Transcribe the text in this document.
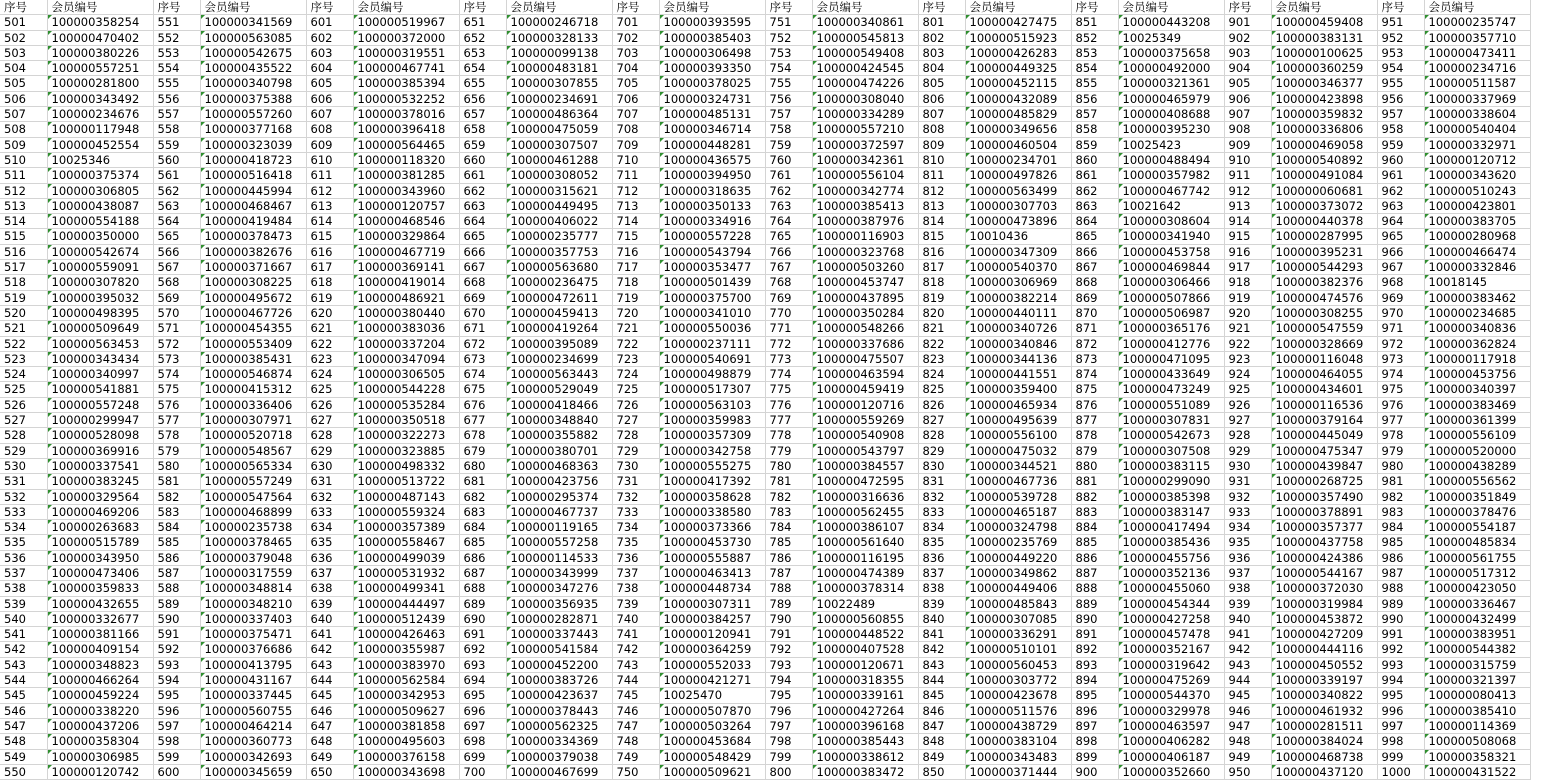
序号	会员编号	序号	会员编号	序号	会员编号	序号	会员编号	序号	会员编号	序号	会员编号	序号	会员编号	序号	会员编号	序号	会员编号	序号	会员编号
501	100000358254	551	100000341569	601	100000519967	651	100000246718	701	100000393595	751	100000340861	801	100000427475	851	100000443208	901	100000459408	951	100000235747
502	100000470402	552	100000563085	602	100000372000	652	100000328133	702	100000385403	752	100000545813	802	100000515923	852	10025349	902	100000383131	952	100000357710
503	100000380226	553	100000542675	603	100000319551	653	100000099138	703	100000306498	753	100000549408	803	100000426283	853	100000375658	903	100000100625	953	100000473411
504	100000557251	554	100000435522	604	100000467741	654	100000483181	704	100000393350	754	100000424545	804	100000449325	854	100000492000	904	100000360259	954	100000234716
505	100000281800	555	100000340798	605	100000385394	655	100000307855	705	100000378025	755	100000474226	805	100000452115	855	100000321361	905	100000346377	955	100000511587
506	100000343492	556	100000375388	606	100000532252	656	100000234691	706	100000324731	756	100000308040	806	100000432089	856	100000465979	906	100000423898	956	100000337969
507	100000234676	557	100000557260	607	100000378016	657	100000486364	707	100000485131	757	100000334289	807	100000485829	857	100000408688	907	100000359832	957	100000338604
508	100000117948	558	100000377168	608	100000396418	658	100000475059	708	100000346714	758	100000557210	808	100000349656	858	100000395230	908	100000336806	958	100000540404
509	100000452554	559	100000323039	609	100000564465	659	100000307507	709	100000448281	759	100000372597	809	100000460504	859	10025423	909	100000469058	959	100000332971
510	10025346	560	100000418723	610	100000118320	660	100000461288	710	100000436575	760	100000342361	810	100000234701	860	100000488494	910	100000540892	960	100000120712
511	100000375374	561	100000516418	611	100000381285	661	100000308052	711	100000394950	761	100000556104	811	100000497826	861	100000357982	911	100000491084	961	100000343620
512	100000306805	562	100000445994	612	100000343960	662	100000315621	712	100000318635	762	100000342774	812	100000563499	862	100000467742	912	100000060681	962	100000510243
513	100000438087	563	100000468467	613	100000120757	663	100000449495	713	100000350133	763	100000385413	813	100000307703	863	10021642	913	100000373072	963	100000423801
514	100000554188	564	100000419484	614	100000468546	664	100000406022	714	100000334916	764	100000387976	814	100000473896	864	100000308604	914	100000440378	964	100000383705
515	100000350000	565	100000378473	615	100000329864	665	100000235777	715	100000557228	765	100000116903	815	10010436	865	100000341940	915	100000287995	965	100000280968
516	100000542674	566	100000382676	616	100000467719	666	100000357753	716	100000543794	766	100000323768	816	100000347309	866	100000453758	916	100000395231	966	100000466474
517	100000559091	567	100000371667	617	100000369141	667	100000563680	717	100000353477	767	100000503260	817	100000540370	867	100000469844	917	100000544293	967	100000332846
518	100000307820	568	100000308225	618	100000419014	668	100000236475	718	100000501439	768	100000453747	818	100000306969	868	100000306466	918	100000382376	968	10018145
519	100000395032	569	100000495672	619	100000486921	669	100000472611	719	100000375700	769	100000437895	819	100000382214	869	100000507866	919	100000474576	969	100000383462
520	100000498395	570	100000467726	620	100000380440	670	100000459413	720	100000341010	770	100000350284	820	100000440111	870	100000506987	920	100000308255	970	100000234685
521	100000509649	571	100000454355	621	100000383036	671	100000419264	721	100000550036	771	100000548266	821	100000340726	871	100000365176	921	100000547559	971	100000340836
522	100000563453	572	100000553409	622	100000337204	672	100000395089	722	100000237111	772	100000337686	822	100000340846	872	100000412776	922	100000328669	972	100000362824
523	100000343434	573	100000385431	623	100000347094	673	100000234699	723	100000540691	773	100000475507	823	100000344136	873	100000471095	923	100000116048	973	100000117918
524	100000340997	574	100000546874	624	100000306505	674	100000563443	724	100000498879	774	100000463594	824	100000441551	874	100000433649	924	100000464055	974	100000453756
525	100000541881	575	100000415312	625	100000544228	675	100000529049	725	100000517307	775	100000459419	825	100000359400	875	100000473249	925	100000434601	975	100000340397
526	100000557248	576	100000336406	626	100000535284	676	100000418466	726	100000563103	776	100000120716	826	100000465934	876	100000551089	926	100000116536	976	100000383469
527	100000299947	577	100000307971	627	100000350518	677	100000348840	727	100000359983	777	100000559269	827	100000495639	877	100000307831	927	100000379164	977	100000361399
528	100000528098	578	100000520718	628	100000322273	678	100000355882	728	100000357309	778	100000540908	828	100000556100	878	100000542673	928	100000445049	978	100000556109
529	100000369916	579	100000548567	629	100000323885	679	100000380701	729	100000342758	779	100000543797	829	100000475032	879	100000307508	929	100000475347	979	100000520000
530	100000337541	580	100000565334	630	100000498332	680	100000468363	730	100000555275	780	100000384557	830	100000344521	880	100000383115	930	100000439847	980	100000438289
531	100000383245	581	100000557249	631	100000513722	681	100000423756	731	100000417392	781	100000472595	831	100000467736	881	100000299090	931	100000268725	981	100000556562
532	100000329564	582	100000547564	632	100000487143	682	100000295374	732	100000358628	782	100000316636	832	100000539728	882	100000385398	932	100000357490	982	100000351849
533	100000469206	583	100000468899	633	100000559324	683	100000467737	733	100000338580	783	100000562455	833	100000465187	883	100000383147	933	100000378891	983	100000378476
534	100000263683	584	100000235738	634	100000357389	684	100000119165	734	100000373366	784	100000386107	834	100000324798	884	100000417494	934	100000357377	984	100000554187
535	100000515789	585	100000378465	635	100000558467	685	100000557258	735	100000453730	785	100000561640	835	100000235769	885	100000385436	935	100000437758	985	100000485834
536	100000343950	586	100000379048	636	100000499039	686	100000114533	736	100000555887	786	100000116195	836	100000449220	886	100000455756	936	100000424386	986	100000561755
537	100000473406	587	100000317559	637	100000531932	687	100000343999	737	100000463413	787	100000474389	837	100000349862	887	100000352136	937	100000544167	987	100000517312
538	100000359833	588	100000348814	638	100000499341	688	100000347276	738	100000448734	788	100000378314	838	100000449406	888	100000455060	938	100000372030	988	100000423050
539	100000432655	589	100000348210	639	100000444497	689	100000356935	739	100000307311	789	10022489	839	100000485843	889	100000454344	939	100000319984	989	100000336467
540	100000332677	590	100000337403	640	100000512439	690	100000282871	740	100000384257	790	100000560855	840	100000307085	890	100000427258	940	100000453872	990	100000432499
541	100000381166	591	100000375471	641	100000426463	691	100000337443	741	100000120941	791	100000448522	841	100000336291	891	100000457478	941	100000427209	991	100000383951
542	100000409154	592	100000376686	642	100000355987	692	100000541584	742	100000364259	792	100000407528	842	100000510101	892	100000352167	942	100000444116	992	100000544382
543	100000348823	593	100000413795	643	100000383970	693	100000452200	743	100000552033	793	100000120671	843	100000560453	893	100000319642	943	100000450552	993	100000315759
544	100000466264	594	100000431167	644	100000562584	694	100000383726	744	100000421271	794	100000318355	844	100000303772	894	100000475269	944	100000339197	994	100000321397
545	100000459224	595	100000337445	645	100000342953	695	100000423637	745	10025470	795	100000339161	845	100000423678	895	100000544370	945	100000340822	995	100000080413
546	100000338220	596	100000560755	646	100000509627	696	100000378443	746	100000507870	796	100000427264	846	100000511576	896	100000329978	946	100000461932	996	100000385410
547	100000437206	597	100000464214	647	100000381858	697	100000562325	747	100000503264	797	100000396168	847	100000438729	897	100000463597	947	100000281511	997	100000114369
548	100000358304	598	100000360773	648	100000495603	698	100000334369	748	100000453684	798	100000385443	848	100000383104	898	100000406282	948	100000384024	998	100000508068
549	100000306985	599	100000342693	649	100000376158	699	100000379038	749	100000548429	799	100000338612	849	100000343483	899	100000406187	949	100000468738	999	100000358321
550	100000120742	600	100000345659	650	100000343698	700	100000467699	750	100000509621	800	100000383472	850	100000371444	900	100000352660	950	100000437120	1000	100000431522
